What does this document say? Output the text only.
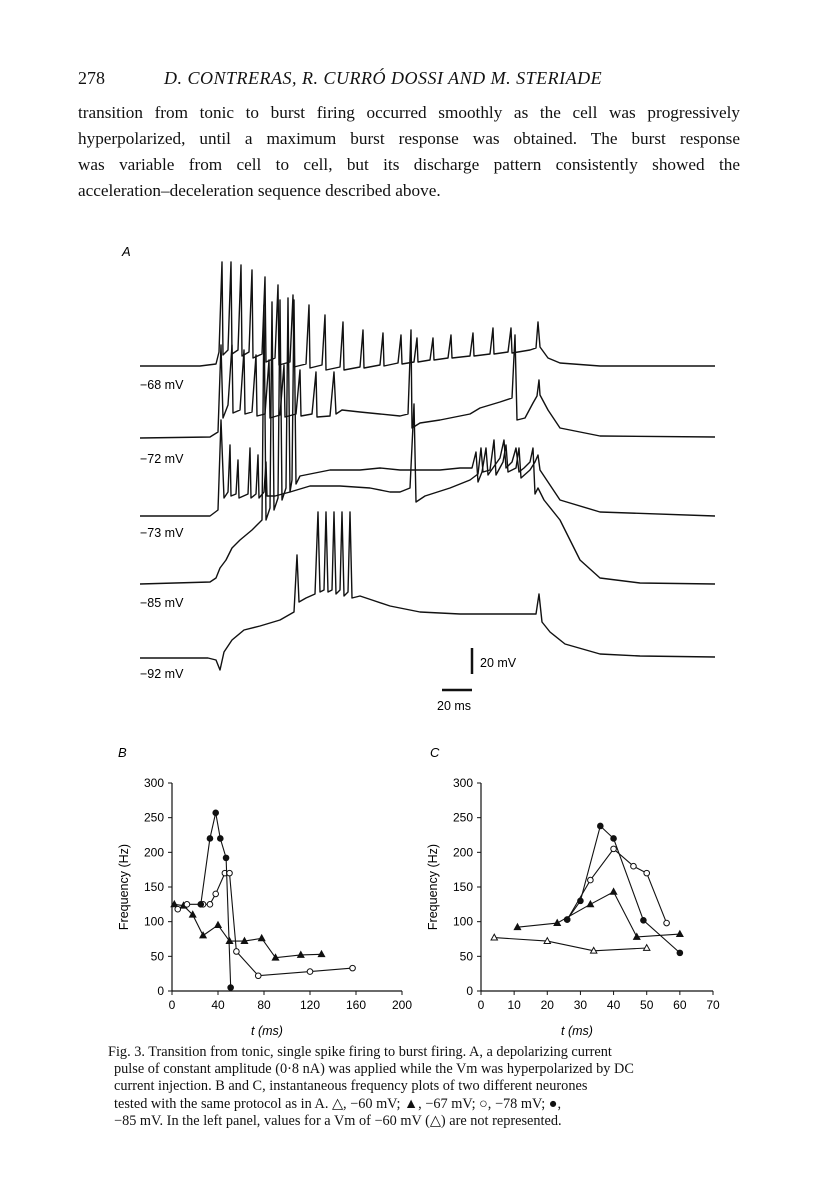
278	D. CONTRERAS, R. CURRÓ DOSSI AND M. STERIADE
transition from tonic to burst firing occurred smoothly as the cell was progressively
hyperpolarized, until a maximum burst response was obtained. The burst response
was variable from cell to cell, but its discharge pattern consistently showed the
acceleration–deceleration sequence described above.
A
−68 mV
−72 mV
−73 mV
−85 mV
−92 mV
20 mV
20 ms
B	C
0	40	80 120 160 200
0
50
100
150
200
250
300
t (ms)
Frequency (Hz)
0 10 20 30 40 50 60 70
0
50
100
150
200
250
300
t (ms)
Frequency (Hz)
Fig. 3. Transition from tonic, single spike firing to burst firing. A, a depolarizing current
pulse of constant amplitude (0·8 nA) was applied while the Vm was hyperpolarized by DC
current injection. B and C, instantaneous frequency plots of two different neurones
tested with the same protocol as in A. △, −60 mV; ▲, −67 mV; ○, −78 mV; ●,
−85 mV. In the left panel, values for a Vm of −60 mV (△) are not represented.
